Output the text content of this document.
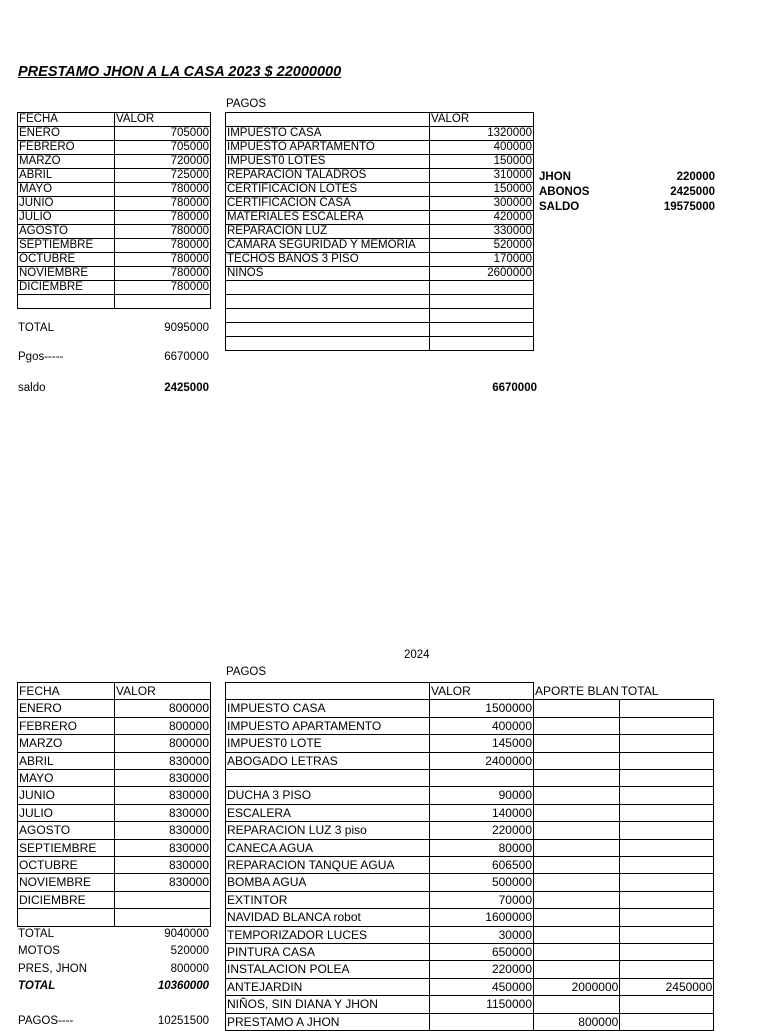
PRESTAMO JHON A LA CASA 2023 $ 22000000
PAGOS
FECHA	VALOR
ENERO	705000
FEBRERO	705000
MARZO	720000
ABRIL	725000
MAYO	780000
JUNIO	780000
JULIO	780000
AGOSTO	780000
SEPTIEMBRE	780000
OCTUBRE	780000
NOVIEMBRE	780000
DICIEMBRE	780000

TOTAL	9095000
Pgos-----	6670000
saldo	2425000
	VALOR
IMPUESTO CASA	1320000
IMPUESTO APARTAMENTO	400000
IMPUEST0 LOTES	150000
REPARACION TALADROS	310000
CERTIFICACION LOTES	150000
CERTIFICACION CASA	300000
MATERIALES ESCALERA	420000
REPARACION LUZ	330000
CAMARA SEGURIDAD Y MEMORIA	520000
TECHOS BAÑOS 3 PISO	170000
NIÑOS	2600000

6670000
JHON	220000
ABONOS	2425000
SALDO	19575000
2024
PAGOS
FECHA	VALOR
ENERO	800000
FEBRERO	800000
MARZO	800000
ABRIL	830000
MAYO	830000
JUNIO	830000
JULIO	830000
AGOSTO	830000
SEPTIEMBRE	830000
OCTUBRE	830000
NOVIEMBRE	830000
DICIEMBRE	

TOTAL	9040000
MOTOS	520000
PRES, JHON	800000
TOTAL	10360000
PAGOS----	10251500
	VALOR	APORTE BLAN	TOTAL
IMPUESTO CASA	1500000		
IMPUESTO APARTAMENTO	400000		
IMPUEST0 LOTE	145000		
ABOGADO LETRAS	2400000		

DUCHA 3 PISO	90000		
ESCALERA	140000		
REPARACION LUZ 3 piso	220000		
CANECA AGUA	80000		
REPARACION TANQUE AGUA	606500		
BOMBA AGUA	500000		
EXTINTOR	70000		
NAVIDAD BLANCA robot	1600000		
TEMPORIZADOR LUCES	30000		
PINTURA CASA	650000		
INSTALACION POLEA	220000		
ANTEJARDIN	450000	2000000	2450000
NIÑOS, SIN DIANA Y JHON	1150000		
PRESTAMO A JHON		800000	
